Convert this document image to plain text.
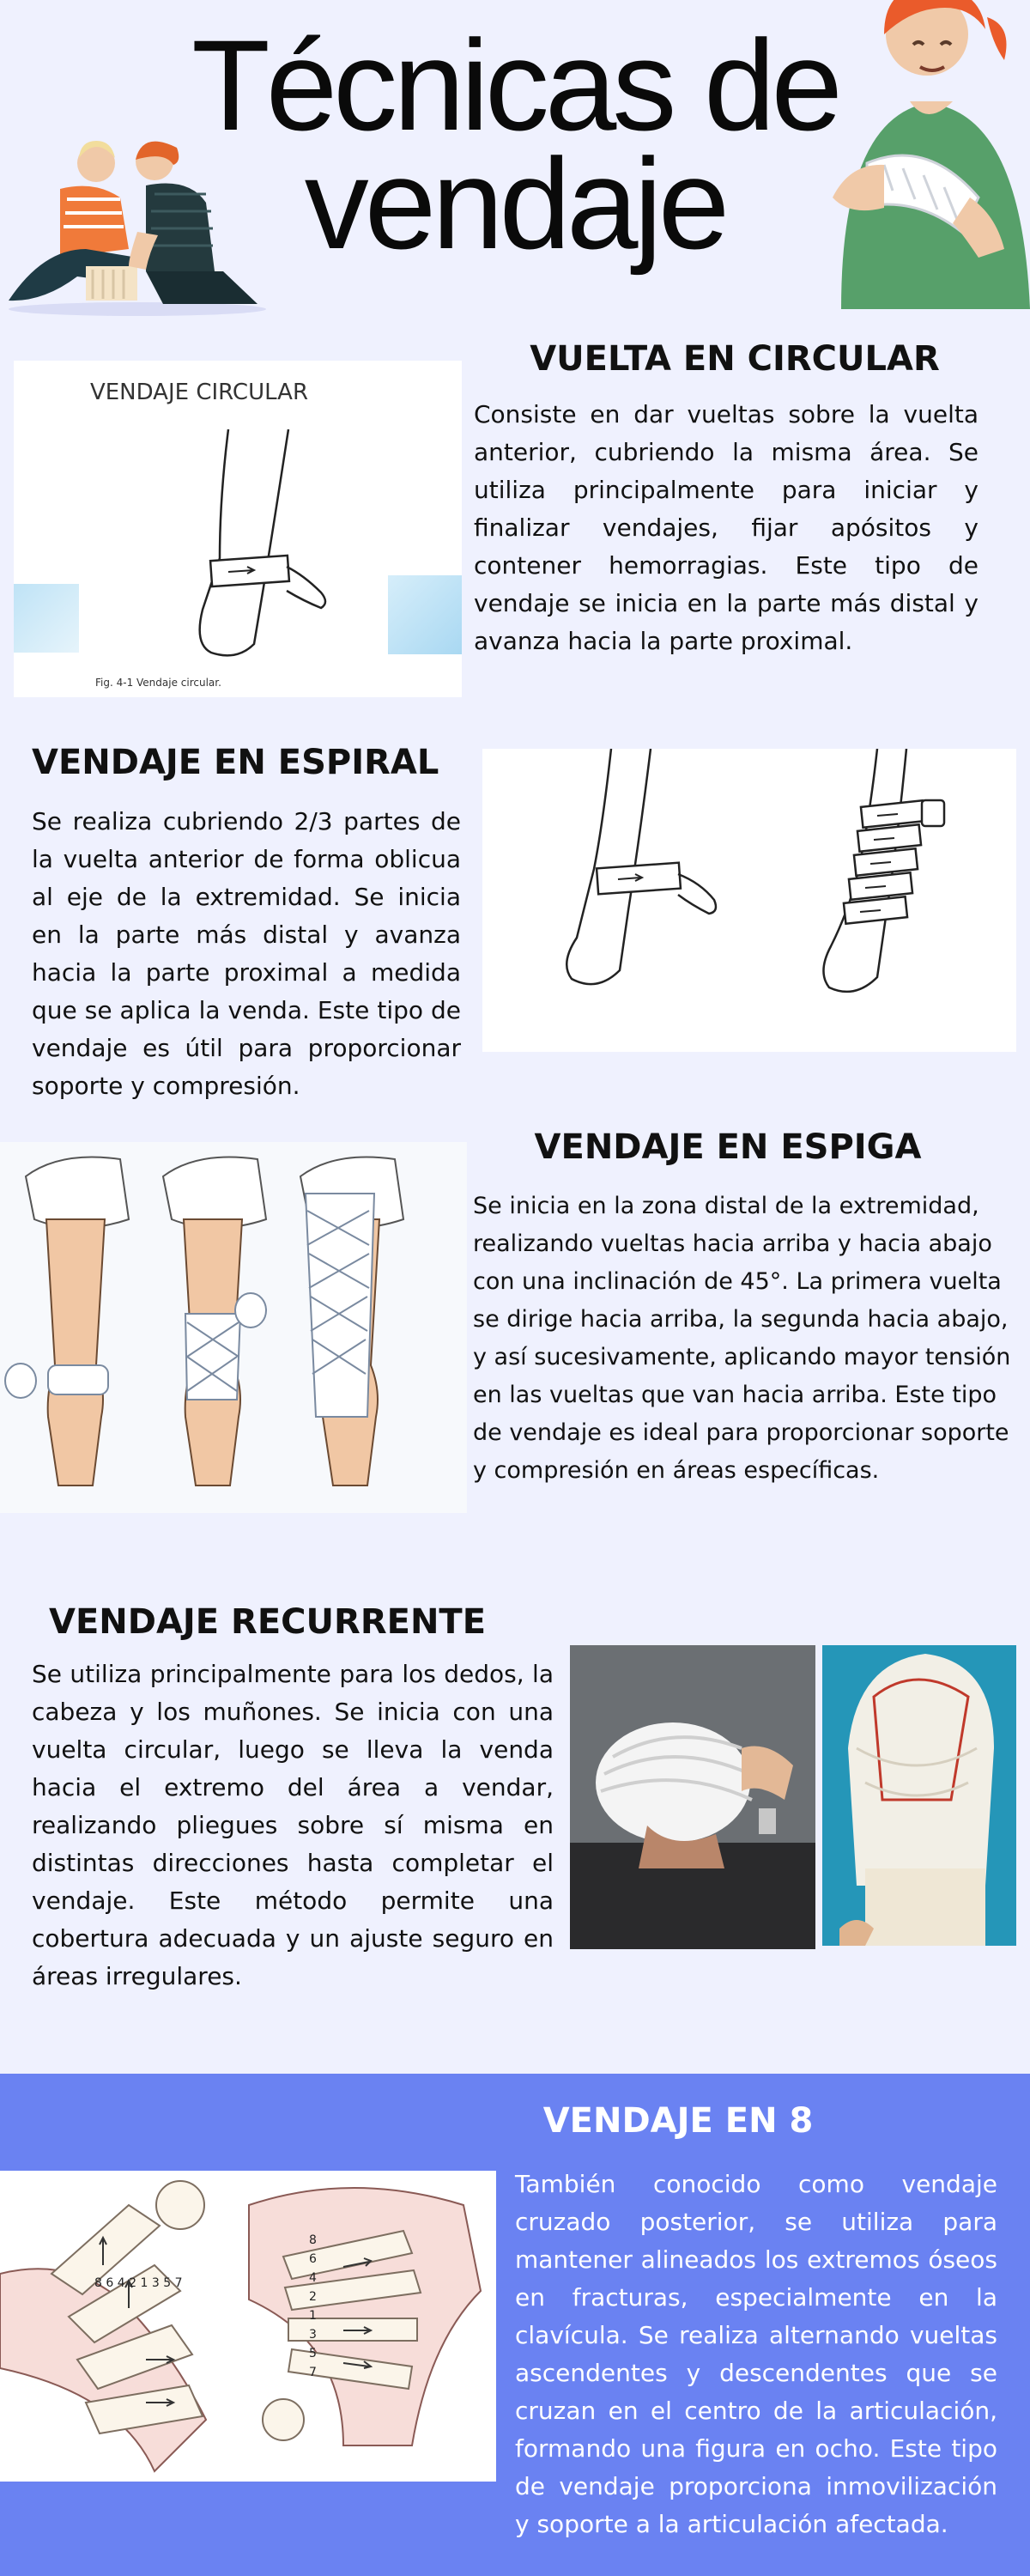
Técnicas de
vendaje
VENDAJE CIRCULAR
Fig. 4-1 Vendaje circular.
VUELTA EN CIRCULAR

Consiste en dar vueltas sobre la vuelta anterior, cubriendo la misma área. Se utiliza principalmente para iniciar y finalizar vendajes, fijar apósitos y contener hemorragias. Este tipo de vendaje se inicia en la parte más distal y avanza hacia la parte proximal.

VENDAJE EN ESPIRAL

Se realiza cubriendo 2/3 partes de la vuelta anterior de forma oblicua al eje de la extremidad. Se inicia en la parte más distal y avanza hacia la parte proximal a medida que se aplica la venda. Este tipo de vendaje es útil para proporcionar soporte y compresión.

VENDAJE EN ESPIGA

Se inicia en la zona distal de la extremidad, realizando vueltas hacia arriba y hacia abajo con una inclinación de 45°. La primera vuelta se dirige hacia arriba, la segunda hacia abajo, y así sucesivamente, aplicando mayor tensión en las vueltas que van hacia arriba. Este tipo de vendaje es ideal para proporcionar soporte y compresión en áreas específicas.

VENDAJE RECURRENTE

Se utiliza principalmente para los dedos, la cabeza y los muñones. Se inicia con una vuelta circular, luego se lleva la venda hacia el extremo del área a vendar, realizando pliegues sobre sí misma en distintas direcciones hasta completar el vendaje. Este método permite una cobertura adecuada y un ajuste seguro en áreas irregulares.

VENDAJE EN 8

También conocido como vendaje cruzado posterior, se utiliza para mantener alineados los extremos óseos en fracturas, especialmente en la clavícula. Se realiza alternando vueltas ascendentes y descendentes que se cruzan en el centro de la articulación, formando una figura en ocho. Este tipo de vendaje proporciona inmovilización y soporte a la articulación afectada.

8 6 4 2 1 3 5 7
8
6
4
2
1
3
5
7
